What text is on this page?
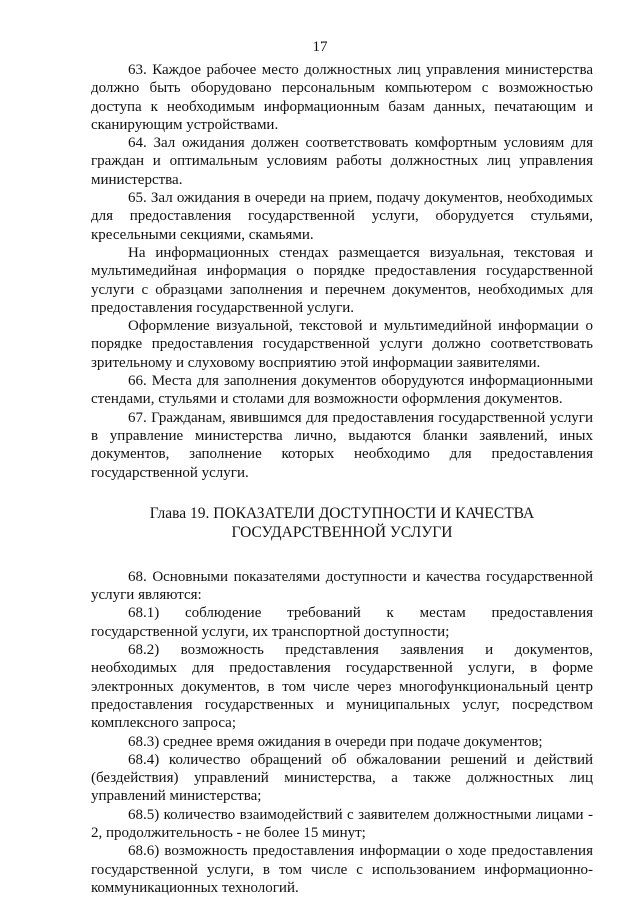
17

63. Каждое рабочее место должностных лиц управления министерства должно быть оборудовано персональным компьютером с возможностью доступа к необходимым информационным базам данных, печатающим и сканирующим устройствами.

64. Зал ожидания должен соответствовать комфортным условиям для граждан и оптимальным условиям работы должностных лиц управления министерства.

65. Зал ожидания в очереди на прием, подачу документов, необходимых для предоставления государственной услуги, оборудуется стульями, кресельными секциями, скамьями.

На информационных стендах размещается визуальная, текстовая и мультимедийная информация о порядке предоставления государственной услуги с образцами заполнения и перечнем документов, необходимых для предоставления государственной услуги.

Оформление визуальной, текстовой и мультимедийной информации о порядке предоставления государственной услуги должно соответствовать зрительному и слуховому восприятию этой информации заявителями.

66. Места для заполнения документов оборудуются информационными стендами, стульями и столами для возможности оформления документов.

67. Гражданам, явившимся для предоставления государственной услуги в управление министерства лично, выдаются бланки заявлений, иных документов, заполнение которых необходимо для предоставления государственной услуги.

Глава 19. ПОКАЗАТЕЛИ ДОСТУПНОСТИ И КАЧЕСТВА
ГОСУДАРСТВЕННОЙ УСЛУГИ

68. Основными показателями доступности и качества государственной услуги являются:

68.1) соблюдение требований к местам предоставления государственной услуги, их транспортной доступности;

68.2) возможность представления заявления и документов, необходимых для предоставления государственной услуги, в форме электронных документов, в том числе через многофункциональный центр предоставления государственных и муниципальных услуг, посредством комплексного запроса;

68.3) среднее время ожидания в очереди при подаче документов;

68.4) количество обращений об обжаловании решений и действий (бездействия) управлений министерства, а также должностных лиц управлений министерства;

68.5) количество взаимодействий с заявителем должностными лицами - 2, продолжительность - не более 15 минут;

68.6) возможность предоставления информации о ходе предоставления государственной услуги, в том числе с использованием информационно-коммуникационных технологий.
